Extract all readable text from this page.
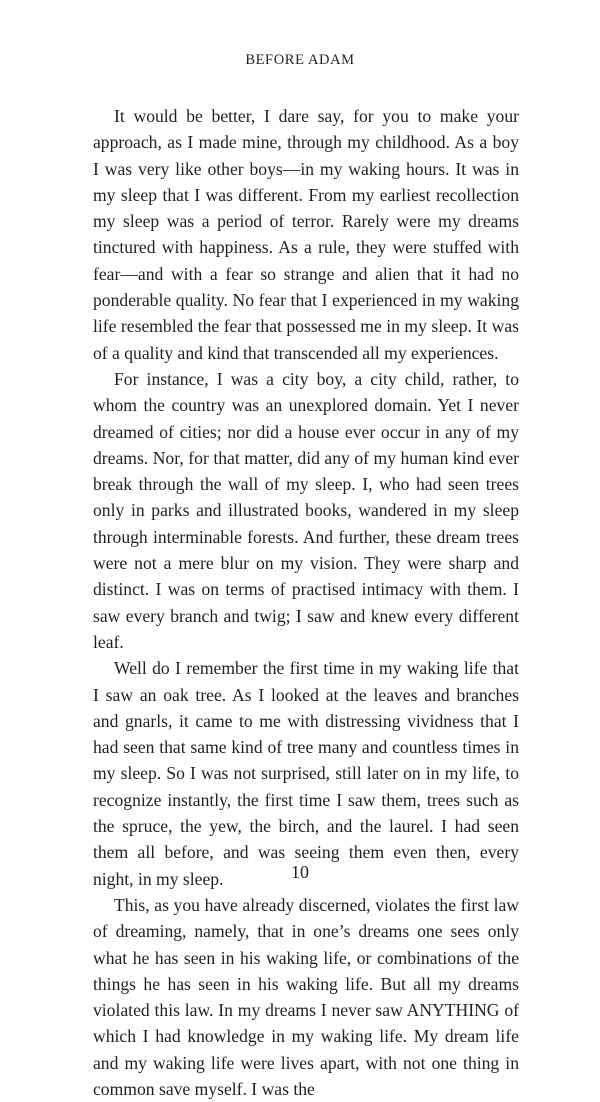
BEFORE ADAM

It would be better, I dare say, for you to make your approach, as I made mine, through my childhood. As a boy I was very like other boys—in my waking hours. It was in my sleep that I was different. From my earliest recollection my sleep was a period of terror. Rarely were my dreams tinctured with happiness. As a rule, they were stuffed with fear—and with a fear so strange and alien that it had no ponderable quality. No fear that I experienced in my waking life resembled the fear that possessed me in my sleep. It was of a quality and kind that transcended all my experiences.

For instance, I was a city boy, a city child, rather, to whom the country was an unexplored domain. Yet I never dreamed of cities; nor did a house ever occur in any of my dreams. Nor, for that matter, did any of my human kind ever break through the wall of my sleep. I, who had seen trees only in parks and illustrated books, wandered in my sleep through interminable forests. And further, these dream trees were not a mere blur on my vision. They were sharp and distinct. I was on terms of practised intimacy with them. I saw every branch and twig; I saw and knew every different leaf.

Well do I remember the first time in my waking life that I saw an oak tree. As I looked at the leaves and branches and gnarls, it came to me with distressing vividness that I had seen that same kind of tree many and countless times in my sleep. So I was not surprised, still later on in my life, to recognize instantly, the first time I saw them, trees such as the spruce, the yew, the birch, and the laurel. I had seen them all before, and was seeing them even then, every night, in my sleep.

This, as you have already discerned, violates the first law of dreaming, namely, that in one’s dreams one sees only what he has seen in his waking life, or combinations of the things he has seen in his waking life. But all my dreams violated this law. In my dreams I never saw ANYTHING of which I had knowledge in my waking life. My dream life and my waking life were lives apart, with not one thing in common save myself. I was the

10
